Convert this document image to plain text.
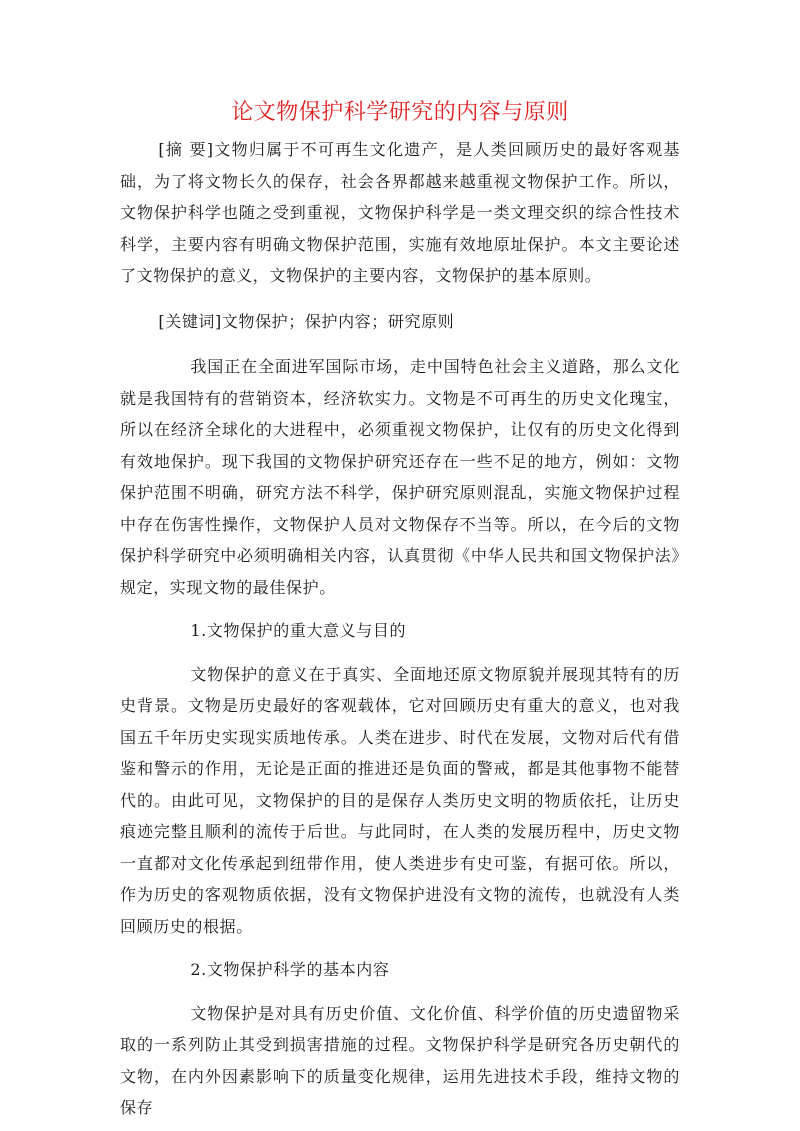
论文物保护科学研究的内容与原则

[摘 要]文物归属于不可再生文化遗产，是人类回顾历史的最好客观基础，为了将文物长久的保存，社会各界都越来越重视文物保护工作。所以，文物保护科学也随之受到重视，文物保护科学是一类文理交织的综合性技术科学，主要内容有明确文物保护范围，实施有效地原址保护。本文主要论述了文物保护的意义，文物保护的主要内容，文物保护的基本原则。

[关键词]文物保护；保护内容；研究原则

我国正在全面进军国际市场，走中国特色社会主义道路，那么文化就是我国特有的营销资本，经济软实力。文物是不可再生的历史文化瑰宝，所以在经济全球化的大进程中，必须重视文物保护，让仅有的历史文化得到有效地保护。现下我国的文物保护研究还存在一些不足的地方，例如：文物保护范围不明确，研究方法不科学，保护研究原则混乱，实施文物保护过程中存在伤害性操作，文物保护人员对文物保存不当等。所以，在今后的文物保护科学研究中必须明确相关内容，认真贯彻《中华人民共和国文物保护法》规定，实现文物的最佳保护。

1.文物保护的重大意义与目的

文物保护的意义在于真实、全面地还原文物原貌并展现其特有的历史背景。文物是历史最好的客观载体，它对回顾历史有重大的意义，也对我国五千年历史实现实质地传承。人类在进步、时代在发展，文物对后代有借鉴和警示的作用，无论是正面的推进还是负面的警戒，都是其他事物不能替代的。由此可见，文物保护的目的是保存人类历史文明的物质依托，让历史痕迹完整且顺利的流传于后世。与此同时，在人类的发展历程中，历史文物一直都对文化传承起到纽带作用，使人类进步有史可鉴，有据可依。所以，作为历史的客观物质依据，没有文物保护进没有文物的流传，也就没有人类回顾历史的根据。

2.文物保护科学的基本内容

文物保护是对具有历史价值、文化价值、科学价值的历史遗留物采取的一系列防止其受到损害措施的过程。文物保护科学是研究各历史朝代的文物，在内外因素影响下的质量变化规律，运用先进技术手段，维持文物的保存
